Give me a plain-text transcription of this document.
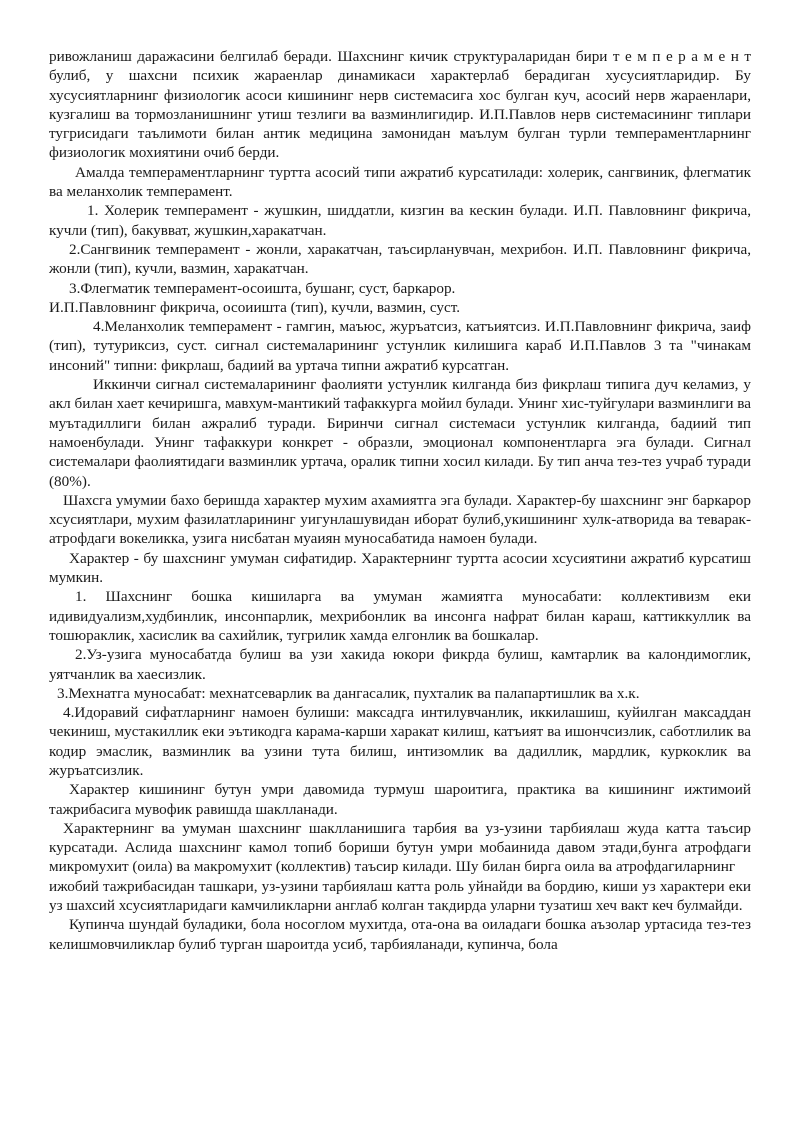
ривожланиш даражасини белгилаб беради. Шахснинг кичик структураларидан бири т е м п е р а м е н т булиб, у шахсни психик жараенлар динамикаси характерлаб берадиган хусусиятларидир. Бу хусусиятларнинг физиологик асоси кишининг нерв системасига хос булган куч, асосий нерв жараенлари, кузгалиш ва тормозланишнинг утиш тезлиги ва вазминлигидир. И.П.Павлов нерв системасининг типлари тугрисидаги таълимоти билан антик медицина замонидан маълум булган турли темпераментларнинг физиологик мохиятини очиб берди.

Амалда темпераментларнинг туртта асосий типи ажратиб курсатилади: холерик, сангвиник, флегматик ва меланхолик темперамент.

1. Холерик темперамент - жушкин, шиддатли, кизгин ва кескин булади. И.П. Павловнинг фикрича, кучли (тип), бакувват, жушкин,харакатчан.

2.Сангвиник темперамент - жонли, харакатчан, таъсирланувчан, мехрибон. И.П. Павловнинг фикрича, жонли (тип), кучли, вазмин, харакатчан.

3.Флегматик темперамент-осоишта, бушанг, суст, баркарор.

И.П.Павловнинг фикрича, осоиишта (тип), кучли, вазмин, суст.

4.Меланхолик темперамент - гамгин, маъюс, журъатсиз, катъиятсиз. И.П.Павловнинг фикрича, заиф (тип), тутуриксиз, суст. сигнал системаларининг устунлик килишига караб И.П.Павлов 3 та "чинакам инсоний" типни: фикрлаш, бадиий ва уртача типни ажратиб курсатган.

Иккинчи сигнал системаларининг фаолияти устунлик килганда биз фикрлаш типига дуч келамиз, у акл билан хает кечиришга, мавхум-мантикий тафаккурга мойил булади. Унинг хис-туйгулари вазминлиги ва муътадиллиги билан ажралиб туради. Биринчи сигнал системаси устунлик килганда, бадиий тип намоенбулади. Унинг тафаккури конкрет - образли, эмоционал компонентларга эга булади. Сигнал системалари фаолиятидаги вазминлик уртача, оралик типни хосил килади. Бу тип анча тез-тез учраб туради (80%).

Шахсга умумии бахо беришда характер мухим ахамиятга эга булади. Характер-бу шахснинг энг баркарор хсусиятлари, мухим фазилатларининг уигунлашувидан иборат булиб,укишининг хулк-атворида ва теварак-атрофдаги вокеликка, узига нисбатан муаиян муносабатида намоен булади.

Характер - бу шахснинг умуман сифатидир. Характернинг туртта асосии хсусиятини ажратиб курсатиш мумкин.

1. Шахснинг бошка кишиларга ва умуман жамиятга муносабати: коллективизм еки идивидуализм,худбинлик, инсонпарлик, мехрибонлик ва инсонга нафрат билан караш, каттиккуллик ва тошюраклик, хасислик ва сахийлик, тугрилик хамда елгонлик ва бошкалар.

2.Уз-узига муносабатда булиш ва узи хакида юкори фикрда булиш, камтарлик ва калондимоглик, уятчанлик ва хаесизлик.

3.Мехнатга муносабат: мехнатсеварлик ва дангасалик, пухталик ва палапартишлик ва х.к.

4.Идоравий сифатларнинг намоен булиши: максадга интилувчанлик, иккилашиш, куйилган максаддан чекиниш, мустакиллик еки эътикодга карама-карши харакат килиш, катъият ва ишончсизлик, саботлилик ва кодир эмаслик, вазминлик ва узини тута билиш, интизомлик ва дадиллик, мардлик, куркоклик ва журъатсизлик.

Характер кишининг бутун умри давомида турмуш шароитига, практика ва кишининг ижтимоий тажрибасига мувофик равишда шаклланади.

Характернинг ва умуман шахснинг шаклланишига тарбия ва уз-узини тарбиялаш жуда катта таъсир курсатади. Аслида шахснинг камол топиб бориши бутун умри мобаинида давом этади,бунга атрофдаги микромухит (оила) ва макромухит (коллектив) таъсир килади. Шу билан бирга оила ва атрофдагиларнинг

ижобий тажрибасидан ташкари, уз-узини тарбиялаш катта роль уйнайди ва бордию, киши уз характери еки уз шахсий хсусиятларидаги камчиликларни англаб колган такдирда уларни тузатиш хеч вакт кеч булмайди.

Купинча шундай буладики, бола носоглом мухитда, ота-она ва оиладаги бошка аъзолар уртасида тез-тез келишмовчиликлар булиб турган шароитда усиб, тарбияланади, купинча, бола
